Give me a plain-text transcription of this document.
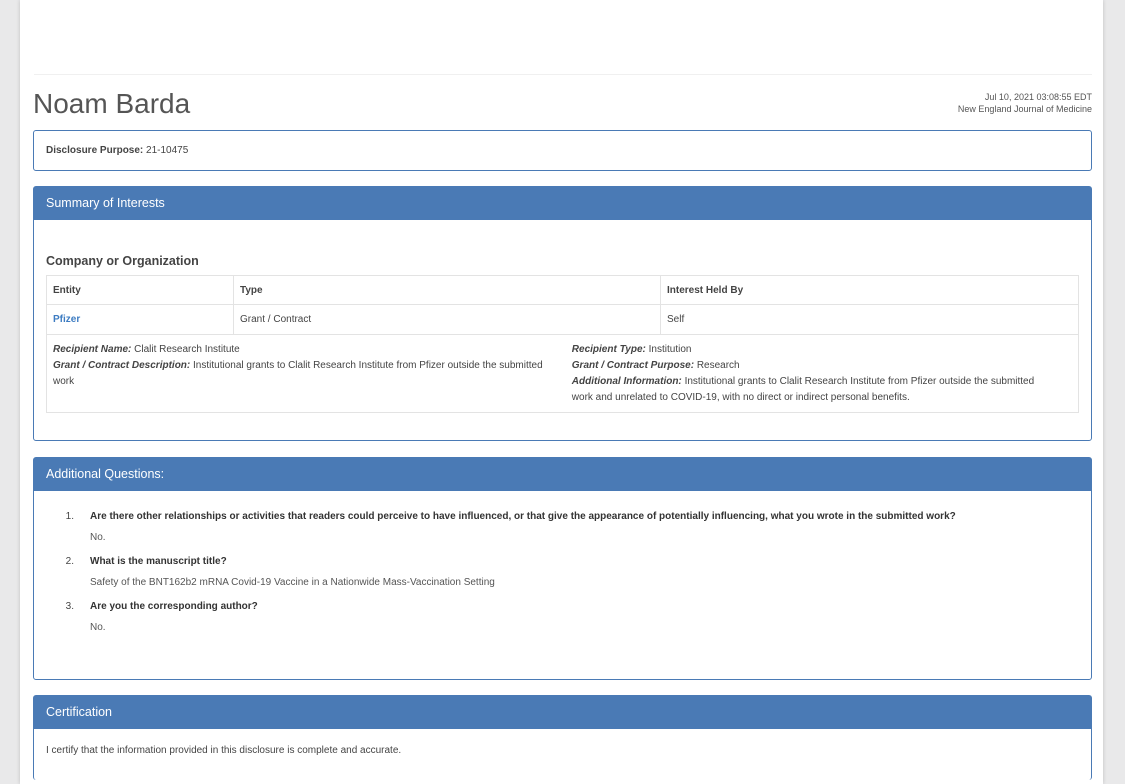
Noam Barda	Jul 10, 2021 03:08:55 EDT
New England Journal of Medicine
Disclosure Purpose: 21-10475
Summary of Interests
Company or Organization
Entity	Type	Interest Held By
Pfizer	Grant / Contract	Self

Recipient Name: Clalit Research Institute
Grant / Contract Description: Institutional grants to Clalit Research Institute from Pfizer outside the submitted work

Recipient Type: Institution
Grant / Contract Purpose: Research
Additional Information: Institutional grants to Clalit Research Institute from Pfizer outside the submitted work and unrelated to COVID-19, with no direct or indirect personal benefits.		
Additional Questions:
1. Are there other relationships or activities that readers could perceive to have influenced, or that give the appearance of potentially influencing, what you wrote in the submitted work?
No.
2. What is the manuscript title?
Safety of the BNT162b2 mRNA Covid-19 Vaccine in a Nationwide Mass-Vaccination Setting
3. Are you the corresponding author?
No.
Certification
I certify that the information provided in this disclosure is complete and accurate.
